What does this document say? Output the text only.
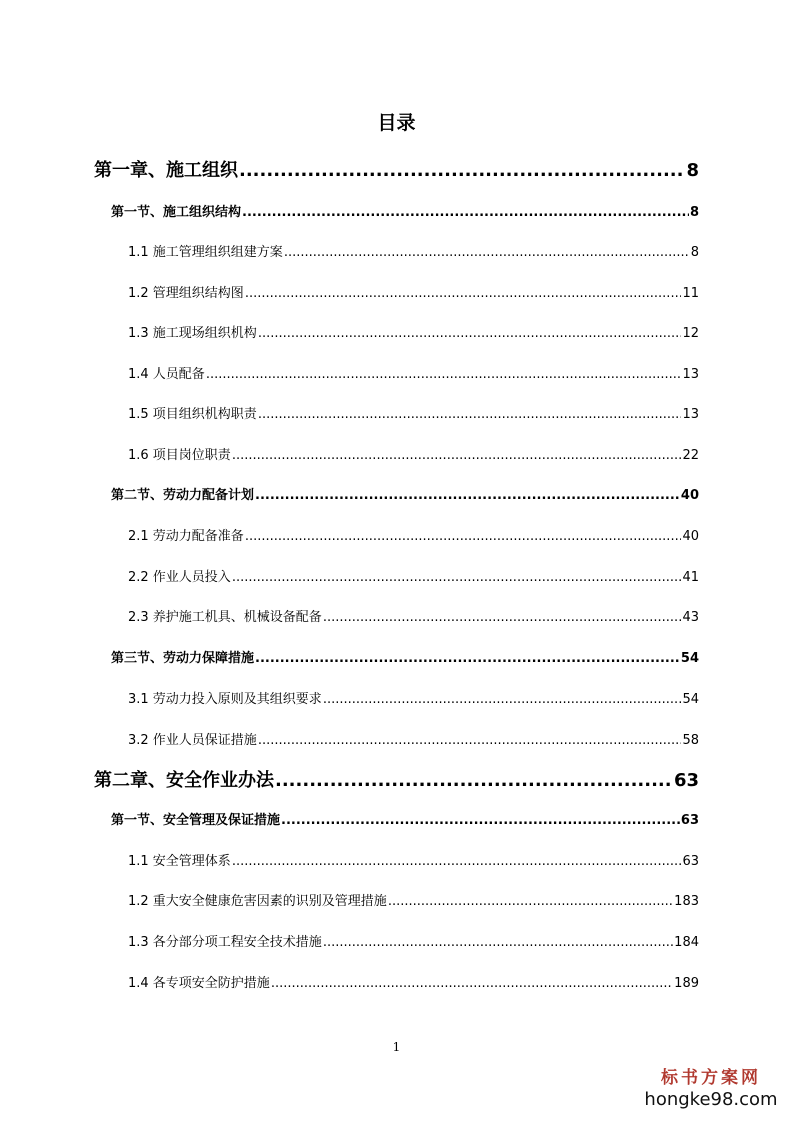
目录
第一章、施工组织 .....	8
第一节、施工组织结构 .....	8
1.1 施工管理组织组建方案 .....	8
1.2 管理组织结构图 .....	11
1.3 施工现场组织机构 .....	12
1.4 人员配备 .....	13
1.5 项目组织机构职责 .....	13
1.6 项目岗位职责 .....	22
第二节、劳动力配备计划 .....	40
2.1 劳动力配备准备 .....	40
2.2 作业人员投入 .....	41
2.3 养护施工机具、机械设备配备 .....	43
第三节、劳动力保障措施 .....	54
3.1 劳动力投入原则及其组织要求 .....	54
3.2 作业人员保证措施 .....	58
第二章、安全作业办法 .....	63
第一节、安全管理及保证措施 .....	63
1.1 安全管理体系 .....	63
1.2 重大安全健康危害因素的识别及管理措施 .....	183
1.3 各分部分项工程安全技术措施 .....	184
1.4 各专项安全防护措施 .....	189
1
标书方案网
hongke98.com
